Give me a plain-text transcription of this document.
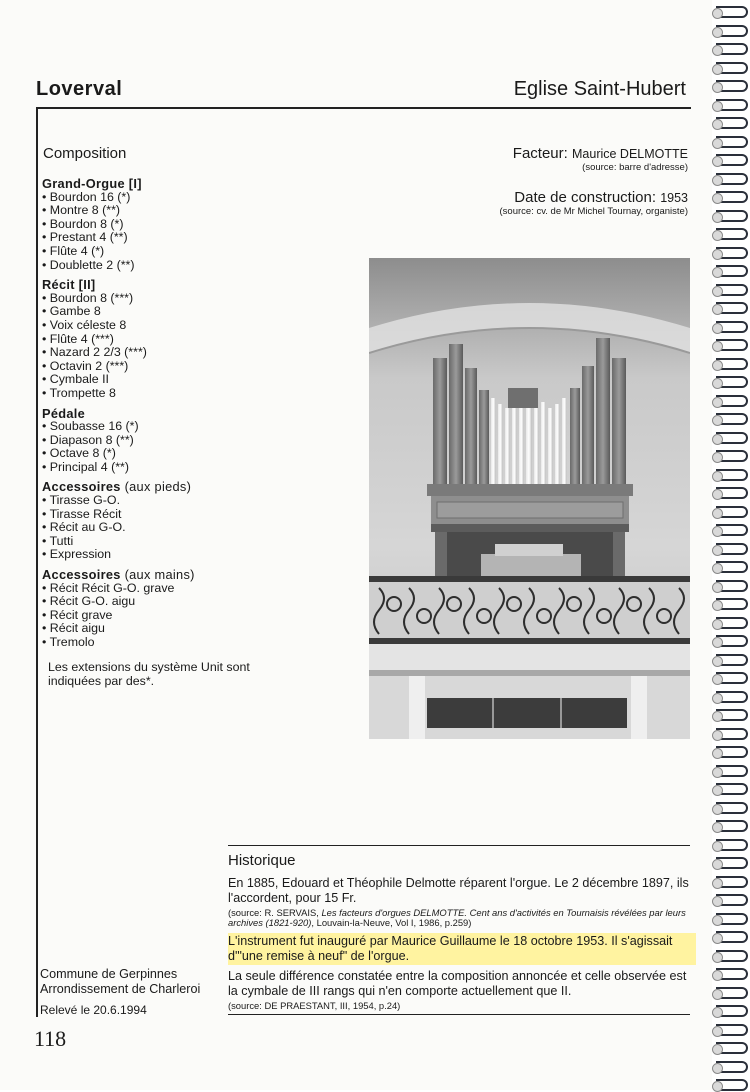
Loverval	Eglise Saint-Hubert
Composition
Grand-Orgue [I]
• Bourdon 16 (*)
• Montre 8 (**)
• Bourdon 8 (*)
• Prestant 4 (**)
• Flûte 4 (*)
• Doublette 2 (**)
Récit [II]
• Bourdon 8 (***)
• Gambe 8
• Voix céleste 8
• Flûte 4 (***)
• Nazard 2 2/3 (***)
• Octavin 2 (***)
• Cymbale II
• Trompette 8
Pédale
• Soubasse 16 (*)
• Diapason 8 (**)
• Octave 8 (*)
• Principal 4 (**)
Accessoires (aux pieds)
• Tirasse G-O.
• Tirasse Récit
• Récit au G-O.
• Tutti
• Expression
Accessoires (aux mains)
• Récit Récit G-O. grave
• Récit G-O. aigu
• Récit grave
• Récit aigu
• Tremolo
Les extensions du système Unit sont indiquées par des*.
Facteur: Maurice DELMOTTE
(source: barre d'adresse)
Date de construction: 1953
(source: cv. de Mr Michel Tournay, organiste)
Historique
En 1885, Edouard et Théophile Delmotte réparent l'orgue. Le 2 décembre 1897, ils l'accordent, pour 15 Fr.
(source: R. SERVAIS, Les facteurs d'orgues DELMOTTE. Cent ans d'activités en Tournaisis révélées par leurs archives (1821-920), Louvain-la-Neuve, Vol I, 1986, p.259)
L'instrument fut inauguré par Maurice Guillaume le 18 octobre 1953. Il s'agissait d'"une remise à neuf" de l'orgue.
La seule différence constatée entre la composition annoncée et celle observée est la cymbale de III rangs qui n'en comporte actuellement que II.
(source: DE PRAESTANT, III, 1954, p.24)
Commune de Gerpinnes
Arrondissement de Charleroi
Relevé le 20.6.1994
118
